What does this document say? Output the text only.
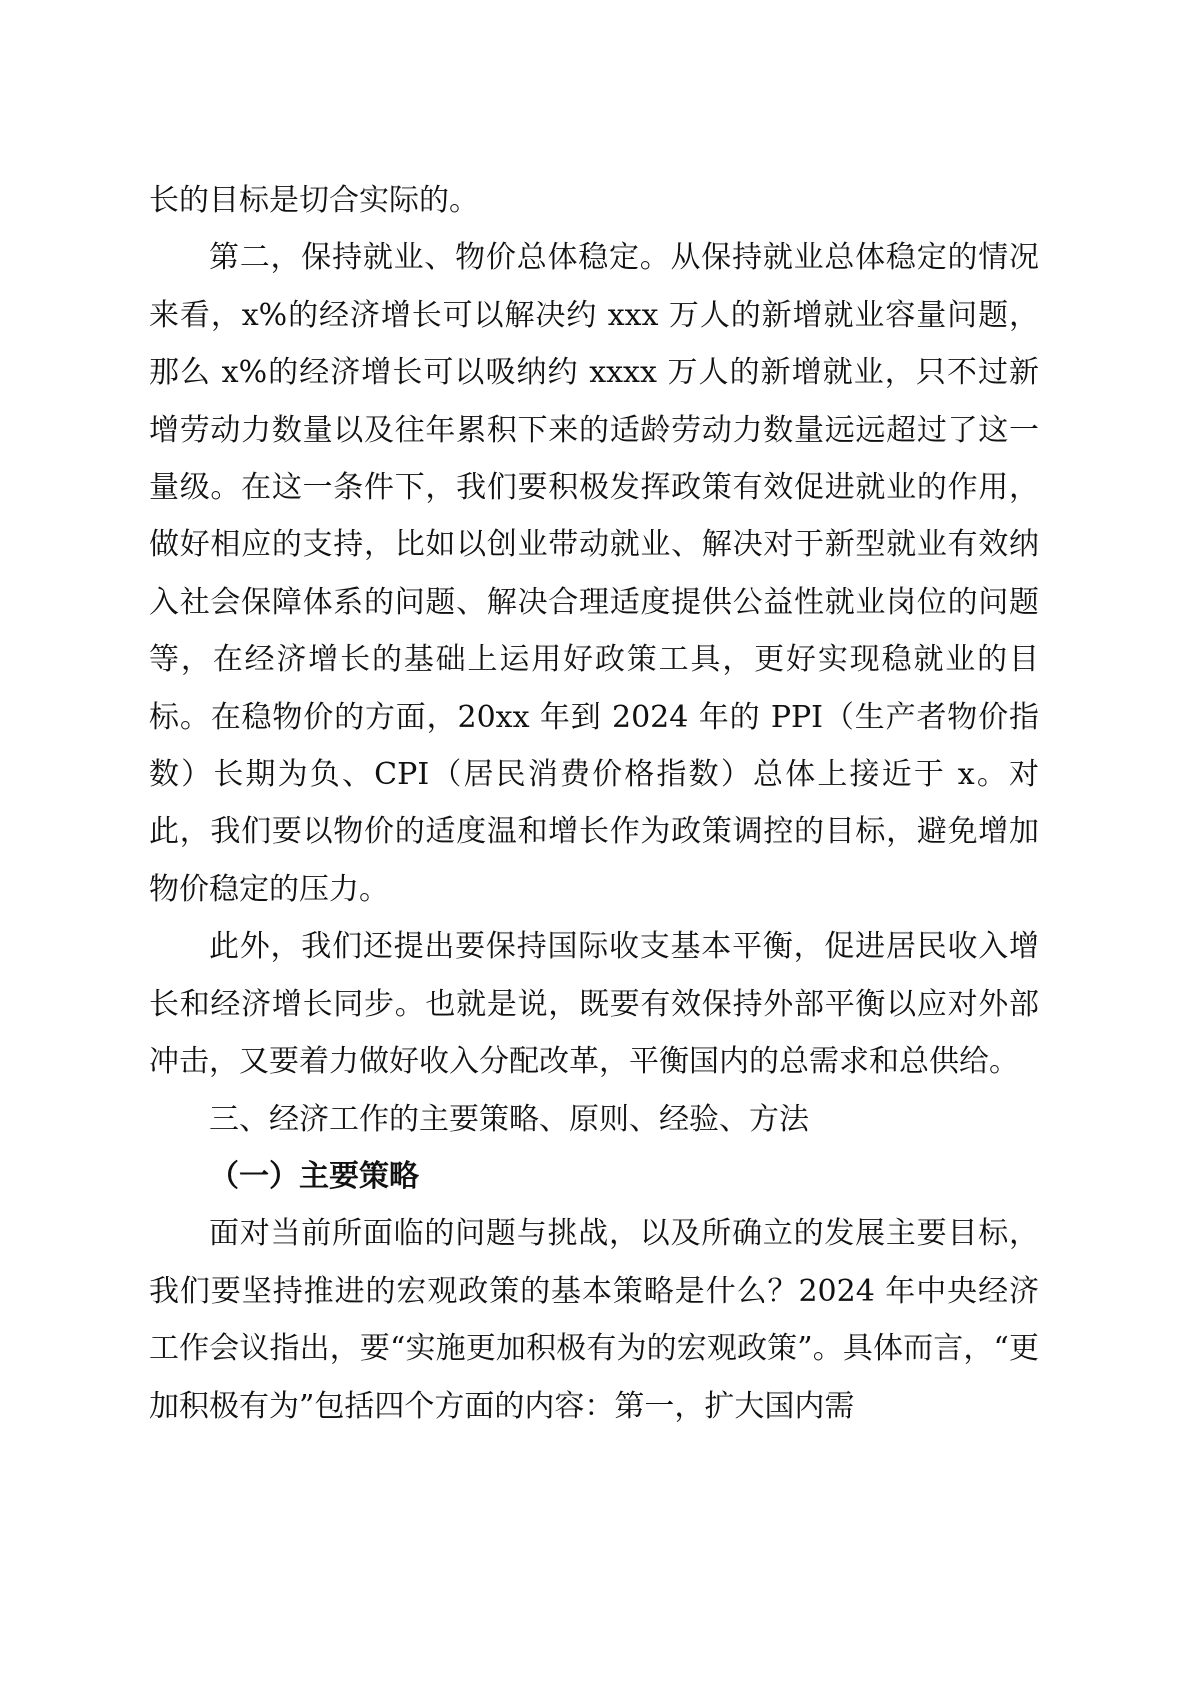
长的目标是切合实际的。

第二，保持就业、物价总体稳定。从保持就业总体稳定的情况来看，x%的经济增长可以解决约 xxx 万人的新增就业容量问题，那么 x%的经济增长可以吸纳约 xxxx 万人的新增就业，只不过新增劳动力数量以及往年累积下来的适龄劳动力数量远远超过了这一量级。在这一条件下，我们要积极发挥政策有效促进就业的作用，做好相应的支持，比如以创业带动就业、解决对于新型就业有效纳入社会保障体系的问题、解决合理适度提供公益性就业岗位的问题等，在经济增长的基础上运用好政策工具，更好实现稳就业的目标。在稳物价的方面，20xx 年到 2024 年的 PPI（生产者物价指数）长期为负、CPI（居民消费价格指数）总体上接近于 x。对此，我们要以物价的适度温和增长作为政策调控的目标，避免增加物价稳定的压力。

此外，我们还提出要保持国际收支基本平衡，促进居民收入增长和经济增长同步。也就是说，既要有效保持外部平衡以应对外部冲击，又要着力做好收入分配改革，平衡国内的总需求和总供给。

三、经济工作的主要策略、原则、经验、方法

（一）主要策略

面对当前所面临的问题与挑战，以及所确立的发展主要目标，我们要坚持推进的宏观政策的基本策略是什么？2024 年中央经济工作会议指出，要“实施更加积极有为的宏观政策”。具体而言，“更加积极有为”包括四个方面的内容：第一，扩大国内需
